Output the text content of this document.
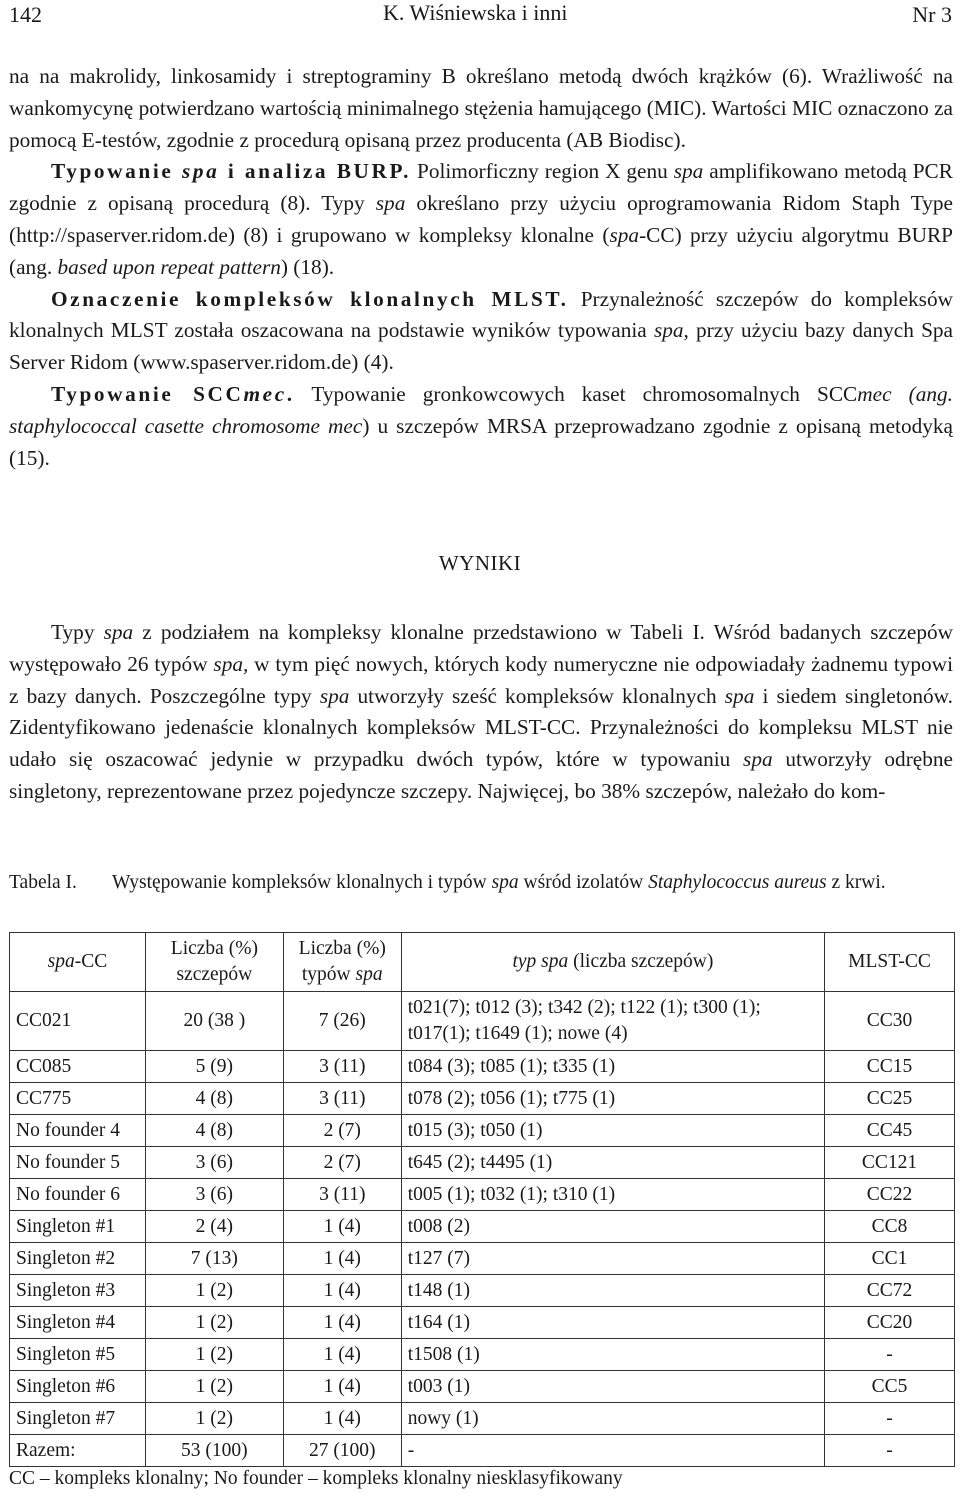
142	K. Wiśniewska i inni	Nr 3

na na makrolidy, linkosamidy i streptograminy B określano metodą dwóch krążków (6). Wrażliwość na wankomycynę potwierdzano wartością minimalnego stężenia hamującego (MIC). Wartości MIC oznaczono za pomocą E-testów, zgodnie z procedurą opisaną przez producenta (AB Biodisc).

Typowanie spa i analiza BURP. Polimorficzny region X genu spa amplifikowano metodą PCR zgodnie z opisaną procedurą (8). Typy spa określano przy użyciu oprogramowania Ridom Staph Type (http://spaserver.ridom.de) (8) i grupowano w kompleksy klonalne (spa-CC) przy użyciu algorytmu BURP (ang. based upon repeat pattern) (18).

Oznaczenie kompleksów klonalnych MLST. Przynależność szczepów do kompleksów klonalnych MLST została oszacowana na podstawie wyników typowania spa, przy użyciu bazy danych Spa Server Ridom (www.spaserver.ridom.de) (4).

Typowanie SCCmec. Typowanie gronkowcowych kaset chromosomalnych SCCmec (ang. staphylococcal casette chromosome mec) u szczepów MRSA przeprowadzano zgodnie z opisaną metodyką (15).

WYNIKI

Typy spa z podziałem na kompleksy klonalne przedstawiono w Tabeli I. Wśród badanych szczepów występowało 26 typów spa, w tym pięć nowych, których kody numeryczne nie odpowiadały żadnemu typowi z bazy danych. Poszczególne typy spa utworzyły sześć kompleksów klonalnych spa i siedem singletonów. Zidentyfikowano jedenaście klonalnych kompleksów MLST-CC. Przynależności do kompleksu MLST nie udało się oszacować jedynie w przypadku dwóch typów, które w typowaniu spa utworzyły odrębne singletony, reprezentowane przez pojedyncze szczepy. Najwięcej, bo 38% szczepów, należało do kom-

Tabela I. Występowanie kompleksów klonalnych i typów spa wśród izolatów Staphylococcus aureus z krwi.
spa-CC	Liczba (%) szczepów	Liczba (%) typów spa	typ spa (liczba szczepów)	MLST-CC
CC021	20 (38 )	7 (26)	t021(7); t012 (3); t342 (2); t122 (1); t300 (1); t017(1); t1649 (1); nowe (4)	CC30
CC085	5 (9)	3 (11)	t084 (3); t085 (1); t335 (1)	CC15
CC775	4 (8)	3 (11)	t078 (2); t056 (1); t775 (1)	CC25
No founder 4	4 (8)	2 (7)	t015 (3); t050 (1)	CC45
No founder 5	3 (6)	2 (7)	t645 (2); t4495 (1)	CC121
No founder 6	3 (6)	3 (11)	t005 (1); t032 (1); t310 (1)	CC22
Singleton #1	2 (4)	1 (4)	t008 (2)	CC8
Singleton #2	7 (13)	1 (4)	t127 (7)	CC1
Singleton #3	1 (2)	1 (4)	t148 (1)	CC72
Singleton #4	1 (2)	1 (4)	t164 (1)	CC20
Singleton #5	1 (2)	1 (4)	t1508 (1)	-
Singleton #6	1 (2)	1 (4)	t003 (1)	CC5
Singleton #7	1 (2)	1 (4)	nowy (1)	-
Razem:	53 (100)	27 (100)	-	-
CC – kompleks klonalny; No founder – kompleks klonalny niesklasyfikowany
